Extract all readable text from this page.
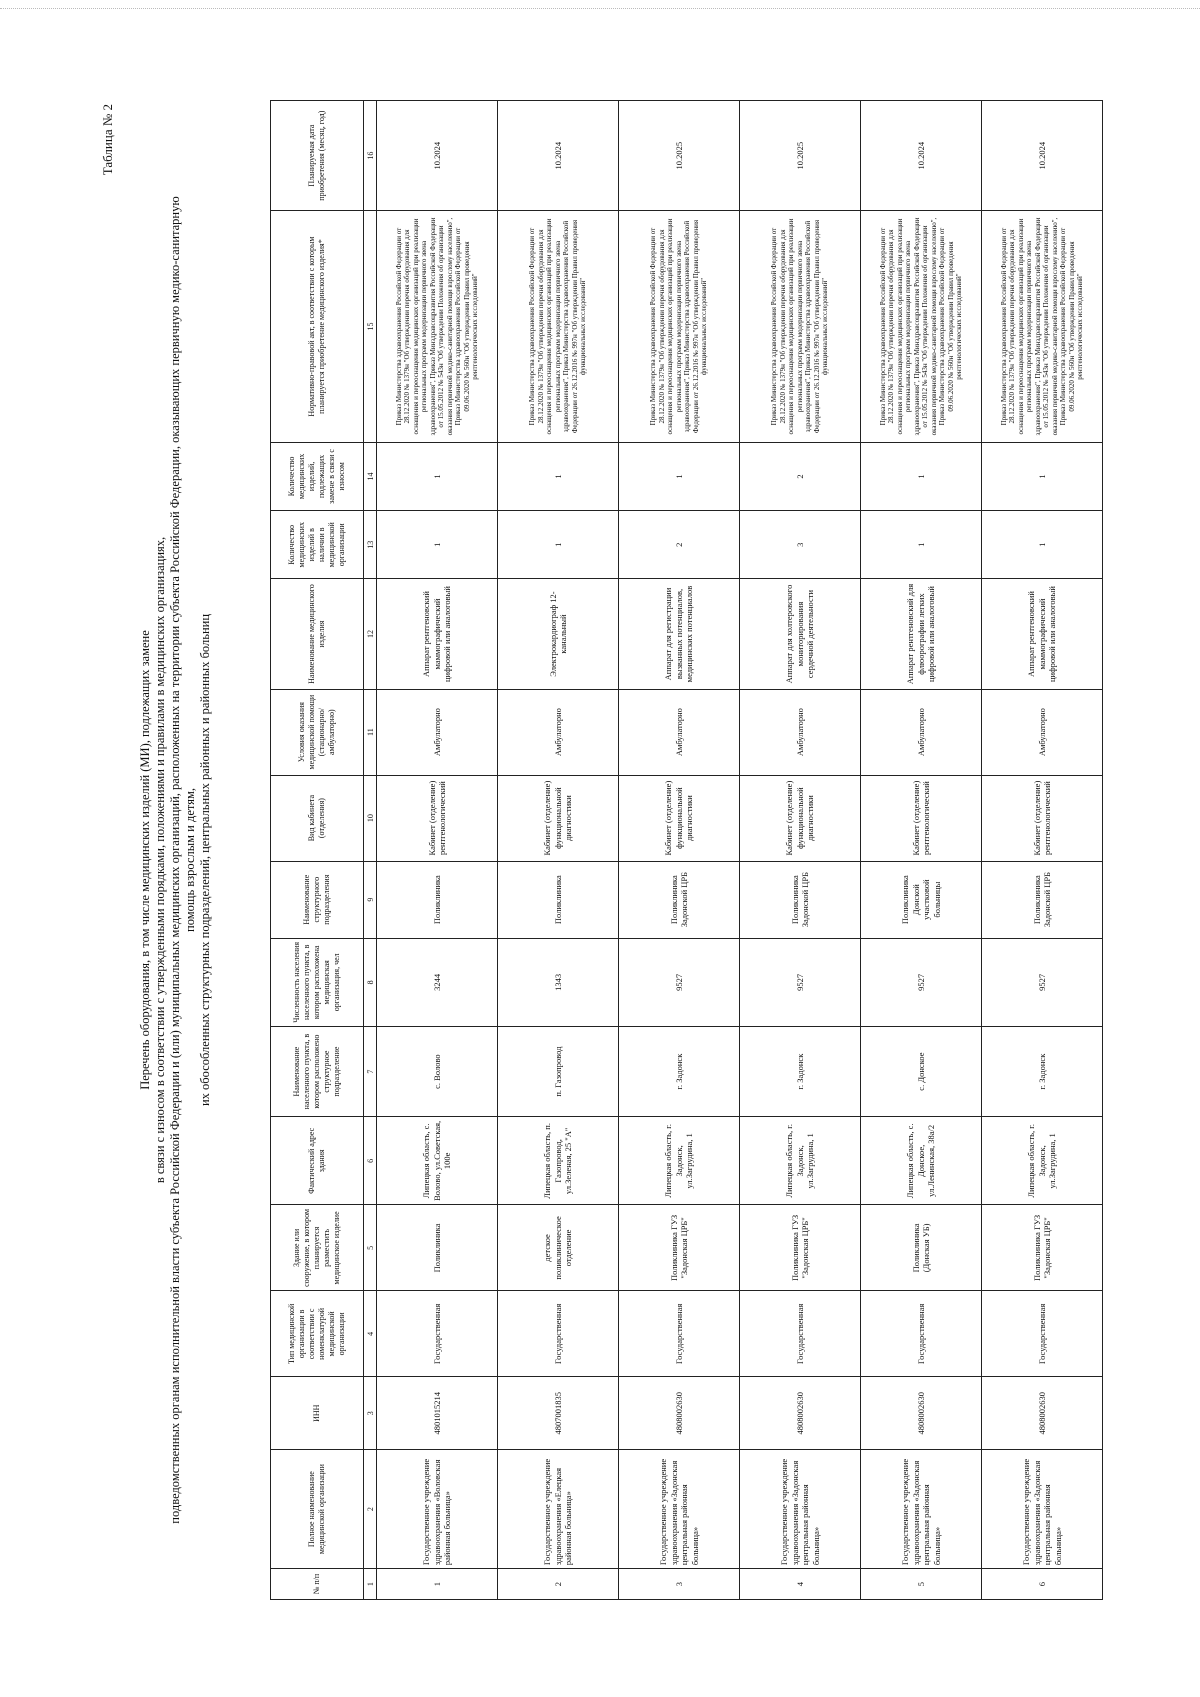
Таблица № 2
Перечень оборудования, в том числе медицинских изделий (МИ), подлежащих замене в связи с износом в соответствии с утвержденными порядками, положениями и правилами в медицинских организациях, подведомственных органам исполнительной власти субъекта Российской Федерации и (или) муниципальных медицинских организаций, расположенных на территории субъекта Российской Федерации, оказывающих первичную медико-санитарную помощь взрослым и детям, их обособленных структурных подразделений, центральных районных и районных больниц
№ п/п	Полное наименование медицинской организации	ИНН	Тип медицинской организации в соответствии с номенклатурой медицинской организации	Здание или сооружение, в котором планируется разместить медицинское изделие	Фактический адрес здания	Наименование населенного пункта, в котором расположено структурное подразделение	Численность населения населенного пункта, в котором расположена медицинская организация, чел	Наименование структурного подразделения	Вид кабинета (отделения)	Условия оказания медицинской помощи (стационарно/амбулаторно)	Наименование медицинского изделия	Количество медицинских изделий в наличии в медицинской организации	Количество медицинских изделий, подлежащих замене в связи с износом	Нормативно-правовой акт, в соответствии с которым планируется приобретение медицинского изделия*	Планируемая дата приобретения (месяц, год)
1	2	3	4	5	6	7	8	9	10	11	12	13	14	15	16
1	Государственное учреждение здравоохранения «Воловская районная больница»	4801015214	Государственная	Поликлиника	Липецкая область, с. Волово, ул.Советская, 100е	с. Волово	3244	Поликлиника	Кабинет (отделение) рентгенологический	Амбулаторно	Аппарат рентгеновский маммографический цифровой или аналоговый	1	1	Приказ Министерства здравоохранения Российской Федерации от 28.12.2020 № 1379н "Об утверждении перечня оборудования для оснащения и переоснащения медицинских организаций при реализации региональных программ модернизации первичного звена здравоохранения", Приказ Минздравсоцразвития Российской Федерации от 15.05.2012 № 543н "Об утверждении Положения об организации оказания первичной медико-санитарной помощи взрослому населению", Приказ Министерства здравоохранения Российской Федерации от 09.06.2020 № 560н "Об утверждении Правил проведения рентгенологических исследований"	10.2024
2	Государственное учреждение здравоохранения «Елецкая районная больница»	4807001835	Государственная	детское поликлиническое отделение	Липецкая область, п. Газопровод, ул.Зеленая, 25 "А"	п. Газопровод	1343	Поликлиника	Кабинет (отделение) функциональной диагностики	Амбулаторно	Электрокардиограф 12-канальный	1	1	Приказ Министерства здравоохранения Российской Федерации от 28.12.2020 № 1379н "Об утверждении перечня оборудования для оснащения и переоснащения медицинских организаций при реализации региональных программ модернизации первичного звена здравоохранения", Приказ Министерства здравоохранения Российской Федерации от 26.12.2016 № 997н "Об утверждении Правил проведения функциональных исследований"	10.2024
3	Государственное учреждение здравоохранения «Задонская центральная районная больница»	4808002630	Государственная	Поликлиника ГУЗ "Задонская ЦРБ"	Липецкая область, г. Задонск, ул.Загрудина, 1	г. Задонск	9527	Поликлиника Задонской ЦРБ	Кабинет (отделение) функциональной диагностики	Амбулаторно	Аппарат для регистрации вызванных потенциалов, медицинских потенциалов	2	1	Приказ Министерства здравоохранения Российской Федерации от 28.12.2020 № 1379н "Об утверждении перечня оборудования для оснащения и переоснащения медицинских организаций при реализации региональных программ модернизации первичного звена здравоохранения", Приказ Министерства здравоохранения Российской Федерации от 26.12.2016 № 997н "Об утверждении Правил проведения функциональных исследований"	10.2025
4	Государственное учреждение здравоохранения «Задонская центральная районная больница»	4808002630	Государственная	Поликлиника ГУЗ "Задонская ЦРБ"	Липецкая область, г. Задонск, ул.Загрудина, 1	г. Задонск	9527	Поликлиника Задонской ЦРБ	Кабинет (отделение) функциональной диагностики	Амбулаторно	Аппарат для холтеровского мониторирования сердечной деятельности	3	2	Приказ Министерства здравоохранения Российской Федерации от 28.12.2020 № 1379н "Об утверждении перечня оборудования для оснащения и переоснащения медицинских организаций при реализации региональных программ модернизации первичного звена здравоохранения", Приказ Министерства здравоохранения Российской Федерации от 26.12.2016 № 997н "Об утверждении Правил проведения функциональных исследований"	10.2025
5	Государственное учреждение здравоохранения «Задонская центральная районная больница»	4808002630	Государственная	Поликлиника (Донская УБ)	Липецкая область, с. Донское, ул.Ленинская, 38а/2	с. Донское	9527	Поликлиника Донской участковой больницы	Кабинет (отделение) рентгенологический	Амбулаторно	Аппарат рентгеновский для флюорографии легких цифровой или аналоговый	1	1	Приказ Министерства здравоохранения Российской Федерации от 28.12.2020 № 1379н "Об утверждении перечня оборудования для оснащения и переоснащения медицинских организаций при реализации региональных программ модернизации первичного звена здравоохранения", Приказ Минздравсоцразвития Российской Федерации от 15.05.2012 № 543н "Об утверждении Положения об организации оказания первичной медико-санитарной помощи взрослому населению", Приказ Министерства здравоохранения Российской Федерации от 09.06.2020 № 560н "Об утверждении Правил проведения рентгенологических исследований"	10.2024
6	Государственное учреждение здравоохранения «Задонская центральная районная больница»	4808002630	Государственная	Поликлиника ГУЗ "Задонская ЦРБ"	Липецкая область, г. Задонск, ул.Загрудина, 1	г. Задонск	9527	Поликлиника Задонской ЦРБ	Кабинет (отделение) рентгенологический	Амбулаторно	Аппарат рентгеновский маммографический цифровой или аналоговый	1	1	Приказ Министерства здравоохранения Российской Федерации от 28.12.2020 № 1379н "Об утверждении перечня оборудования для оснащения и переоснащения медицинских организаций при реализации региональных программ модернизации первичного звена здравоохранения", Приказ Минздравсоцразвития Российской Федерации от 15.05.2012 № 543н "Об утверждении Положения об организации оказания первичной медико-санитарной помощи взрослому населению", Приказ Министерства здравоохранения Российской Федерации от 09.06.2020 № 560н "Об утверждении Правил проведения рентгенологических исследований"	10.2024
